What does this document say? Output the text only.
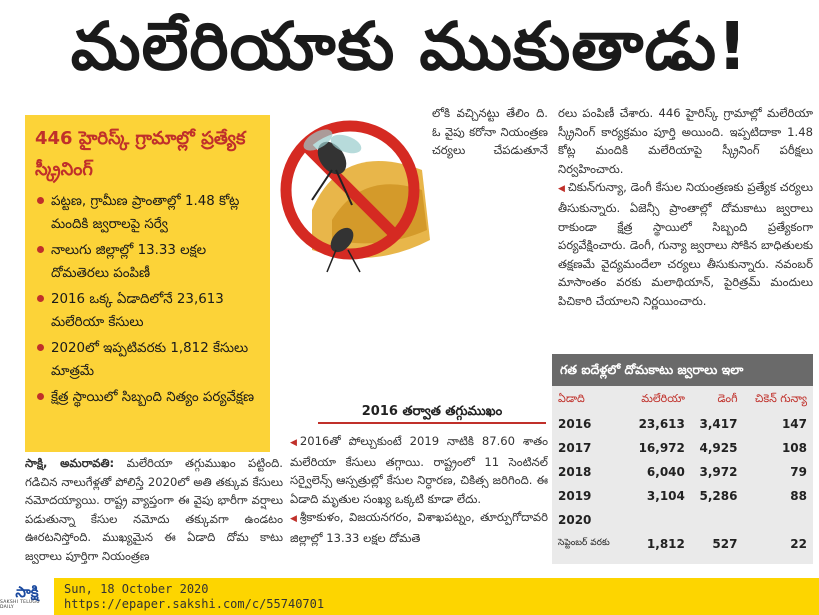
మలేరియాకు ముకుతాడు!
446 హైరిస్క్ గ్రామాల్లో ప్రత్యేక స్క్రీనింగ్
పట్టణ, గ్రామీణ ప్రాంతాల్లో 1.48 కోట్ల మందికి జ్వరాలపై సర్వే
నాలుగు జిల్లాల్లో 13.33 లక్షల దోమతెరలు పంపిణీ
2016 ఒక్క ఏడాదిలోనే 23,613 మలేరియా కేసులు
2020లో ఇప్పటివరకు 1,812 కేసులు మాత్రమే
క్షేత్ర స్థాయిలో సిబ్బంది నిత్యం పర్యవేక్షణ
లోకి వచ్చినట్టు తేలిం ది. ఓ వైపు కరోనా నియంత్రణ చర్యలు చేపడుతూనే
2016 తర్వాత తగ్గుముఖం

◀ 2016తో పోల్చుకుంటే 2019 నాటికి 87.60 శాతం మలేరియా కేసులు తగ్గాయి. రాష్ట్రంలో 11 సెంటినల్ సర్వైలెన్స్ ఆస్పత్రుల్లో కేసుల నిర్ధారణ, చికిత్స జరిగింది. ఈ ఏడాది మృతుల సంఖ్య ఒక్కటి కూడా లేదు.

◀ శ్రీకాకుళం, విజయనగరం, విశాఖపట్నం, తూర్పుగోదావరి జిల్లాల్లో 13.33 లక్షల దోమతె

రలు పంపిణీ చేశారు. 446 హైరిస్క్ గ్రామాల్లో మలేరియా స్క్రీనింగ్ కార్యక్రమం పూర్తి అయింది. ఇప్పటిదాకా 1.48 కోట్ల మందికి మలేరియాపై స్క్రీనింగ్ పరీక్షలు నిర్వహించారు.

◀ చికున్‌గున్యా, డెంగీ కేసుల నియంత్రణకు ప్రత్యేక చర్యలు తీసుకున్నారు. ఏజెన్సీ ప్రాంతాల్లో దోమకాటు జ్వరాలు రాకుండా క్షేత్ర స్థాయిలో సిబ్బంది ప్రత్యేకంగా పర్యవేక్షించారు. డెంగీ, గున్యా జ్వరాలు సోకిన బాధితులకు తక్షణమే వైద్యమందేలా చర్యలు తీసుకున్నారు. నవంబర్ మాసాంతం వరకు మలాథియాన్, పైరిత్రమ్ మందులు పిచికారి చేయాలని నిర్ణయించారు.

సాక్షి, అమరావతి: మలేరియా తగ్గుముఖం పట్టింది. గడిచిన నాలుగేళ్లతో పోలిస్తే 2020లో అతి తక్కువ కేసులు నమోదయ్యాయి. రాష్ట్ర వ్యాప్తంగా ఈ వైపు భారీగా వర్షాలు పడుతున్నా కేసుల నమోదు తక్కువగా ఉండటం ఊరటనిస్తోంది. ముఖ్యమైన ఈ ఏడాది దోమ కాటు జ్వరాలు పూర్తిగా నియంత్రణ
గత ఐదేళ్లలో దోమకాటు జ్వరాలు ఇలా
ఏడాది	మలేరియా	డెంగీ	చికెన్ గున్యా
2016	23,613	3,417	147
2017	16,972	4,925	108
2018	6,040	3,972	79
2019	3,104	5,286	88
2020			
సెప్టెంబర్ వరకు	1,812	527	22
సాక్షి
SAKSHI TELUGU DAILY
Sun, 18 October 2020
https://epaper.sakshi.com/c/55740701
